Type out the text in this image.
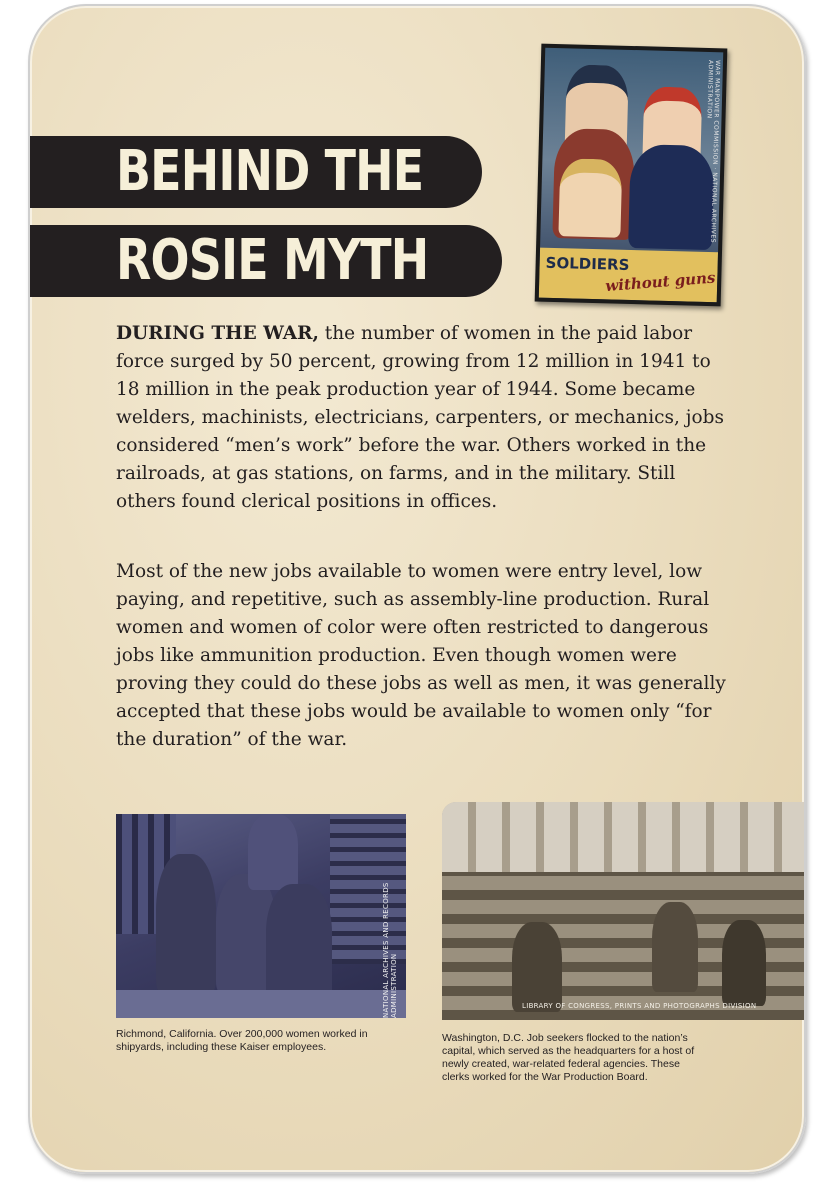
BEHIND THE
ROSIE MYTH
WAR MANPOWER COMMISSION · NATIONAL ARCHIVES ADMINISTRATION
SOLDIERS
without guns

DURING THE WAR, the number of women in the paid labor force surged by 50 percent, growing from 12 million in 1941 to 18 million in the peak production year of 1944. Some became welders, machinists, electricians, carpenters, or mechanics, jobs considered “men’s work” before the war. Others worked in the railroads, at gas stations, on farms, and in the military. Still others found clerical positions in offices.

Most of the new jobs available to women were entry level, low paying, and repetitive, such as assembly-line production. Rural women and women of color were often restricted to dangerous jobs like ammunition production. Even though women were proving they could do these jobs as well as men, it was generally accepted that these jobs would be available to women only “for the duration” of the war.

NATIONAL ARCHIVES AND RECORDS ADMINISTRATION
Richmond, California. Over 200,000 women worked in shipyards, including these Kaiser employees.
LIBRARY OF CONGRESS, PRINTS AND PHOTOGRAPHS DIVISION
Washington, D.C. Job seekers flocked to the nation’s capital, which served as the headquarters for a host of newly created, war-related federal agencies. These clerks worked for the War Production Board.
